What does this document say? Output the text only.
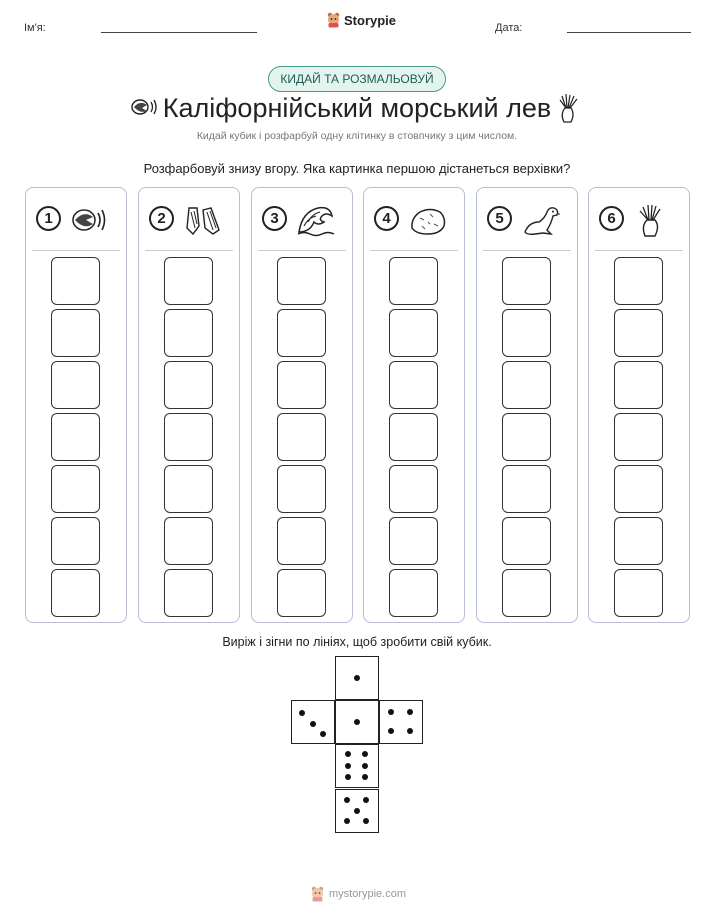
Ім'я:
Storypie
Дата:
КИДАЙ ТА РОЗМАЛЬОВУЙ
Каліфорнійський морський лев
Кидай кубик і розфарбуй одну клітинку в стовпчику з цим числом.
Розфарбовуй знизу вгору. Яка картинка першою дістанеться верхівки?
1	2	3	4	5	6
Виріж і зігни по лініях, щоб зробити свій кубик.
mystorypie.com
